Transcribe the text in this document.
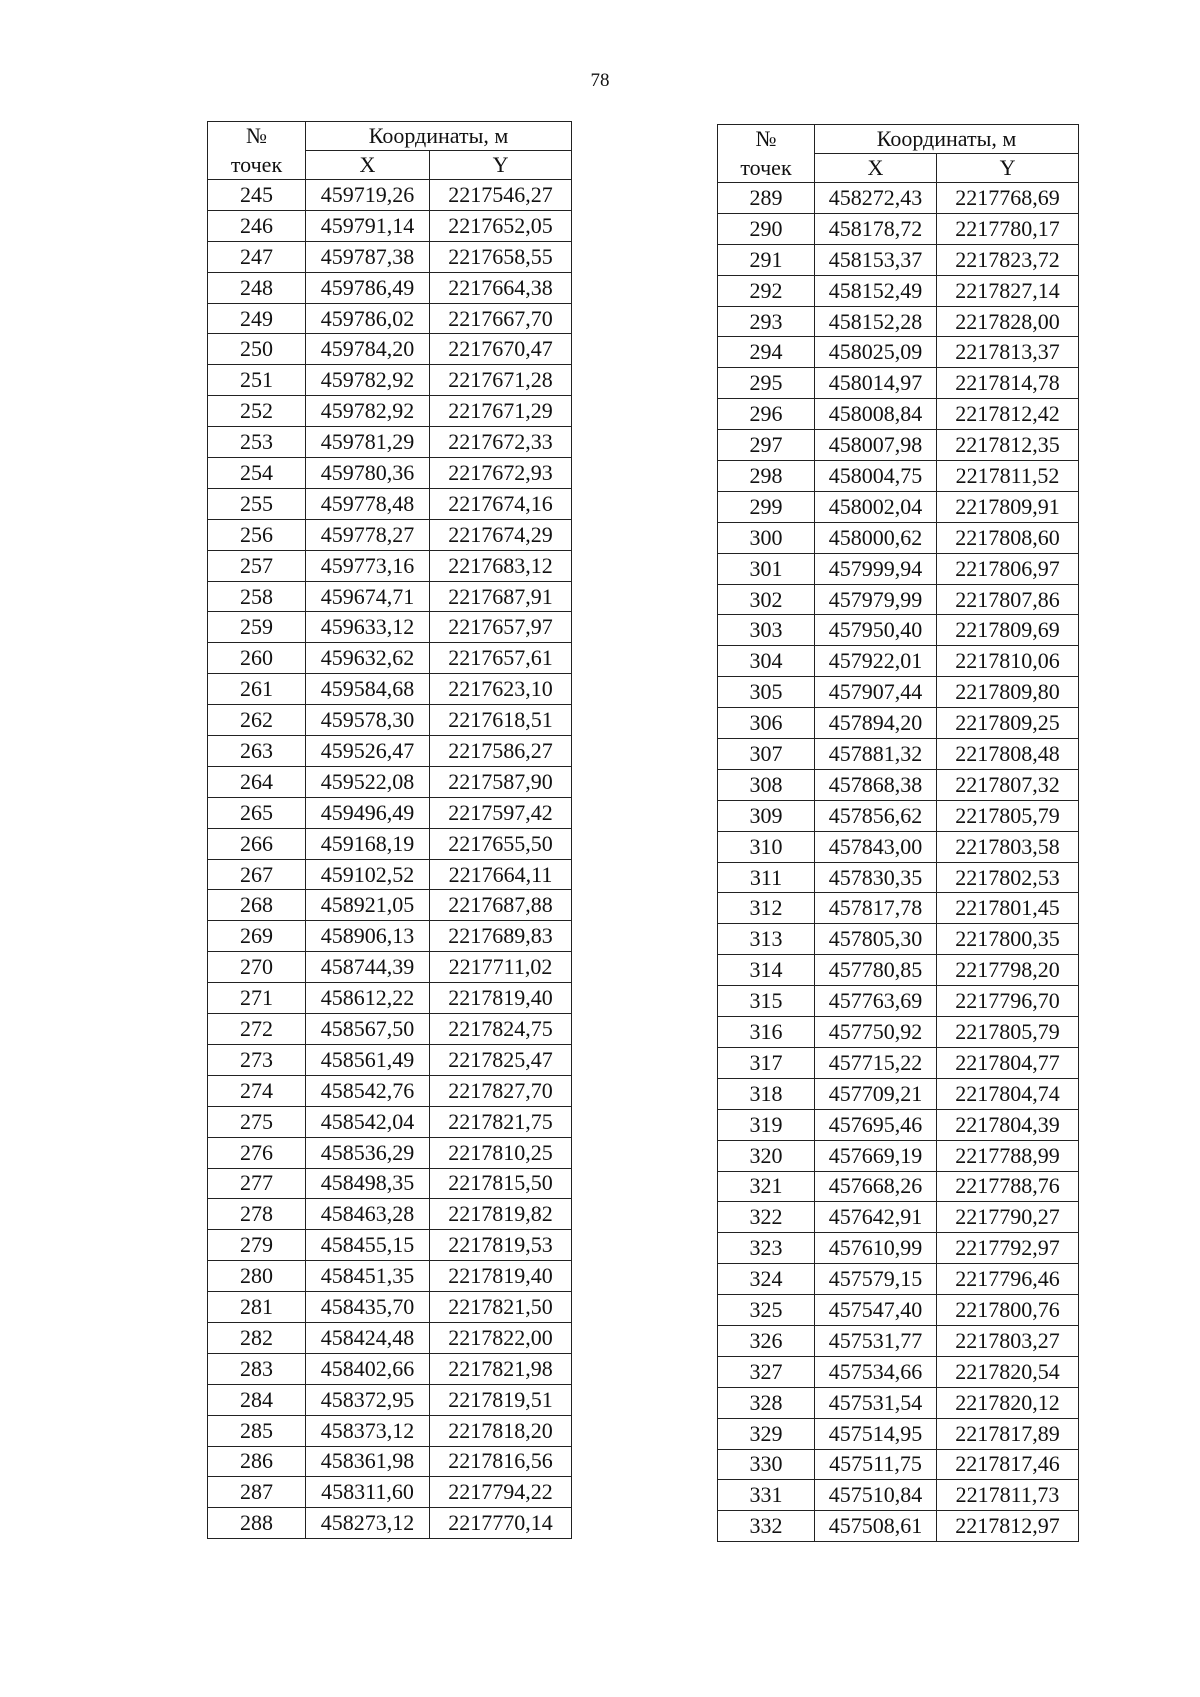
78
№	Координаты, м	
точек	X	Y
245	459719,26	2217546,27
246	459791,14	2217652,05
247	459787,38	2217658,55
248	459786,49	2217664,38
249	459786,02	2217667,70
250	459784,20	2217670,47
251	459782,92	2217671,28
252	459782,92	2217671,29
253	459781,29	2217672,33
254	459780,36	2217672,93
255	459778,48	2217674,16
256	459778,27	2217674,29
257	459773,16	2217683,12
258	459674,71	2217687,91
259	459633,12	2217657,97
260	459632,62	2217657,61
261	459584,68	2217623,10
262	459578,30	2217618,51
263	459526,47	2217586,27
264	459522,08	2217587,90
265	459496,49	2217597,42
266	459168,19	2217655,50
267	459102,52	2217664,11
268	458921,05	2217687,88
269	458906,13	2217689,83
270	458744,39	2217711,02
271	458612,22	2217819,40
272	458567,50	2217824,75
273	458561,49	2217825,47
274	458542,76	2217827,70
275	458542,04	2217821,75
276	458536,29	2217810,25
277	458498,35	2217815,50
278	458463,28	2217819,82
279	458455,15	2217819,53
280	458451,35	2217819,40
281	458435,70	2217821,50
282	458424,48	2217822,00
283	458402,66	2217821,98
284	458372,95	2217819,51
285	458373,12	2217818,20
286	458361,98	2217816,56
287	458311,60	2217794,22
288	458273,12	2217770,14
№	Координаты, м	
точек	X	Y
289	458272,43	2217768,69
290	458178,72	2217780,17
291	458153,37	2217823,72
292	458152,49	2217827,14
293	458152,28	2217828,00
294	458025,09	2217813,37
295	458014,97	2217814,78
296	458008,84	2217812,42
297	458007,98	2217812,35
298	458004,75	2217811,52
299	458002,04	2217809,91
300	458000,62	2217808,60
301	457999,94	2217806,97
302	457979,99	2217807,86
303	457950,40	2217809,69
304	457922,01	2217810,06
305	457907,44	2217809,80
306	457894,20	2217809,25
307	457881,32	2217808,48
308	457868,38	2217807,32
309	457856,62	2217805,79
310	457843,00	2217803,58
311	457830,35	2217802,53
312	457817,78	2217801,45
313	457805,30	2217800,35
314	457780,85	2217798,20
315	457763,69	2217796,70
316	457750,92	2217805,79
317	457715,22	2217804,77
318	457709,21	2217804,74
319	457695,46	2217804,39
320	457669,19	2217788,99
321	457668,26	2217788,76
322	457642,91	2217790,27
323	457610,99	2217792,97
324	457579,15	2217796,46
325	457547,40	2217800,76
326	457531,77	2217803,27
327	457534,66	2217820,54
328	457531,54	2217820,12
329	457514,95	2217817,89
330	457511,75	2217817,46
331	457510,84	2217811,73
332	457508,61	2217812,97
